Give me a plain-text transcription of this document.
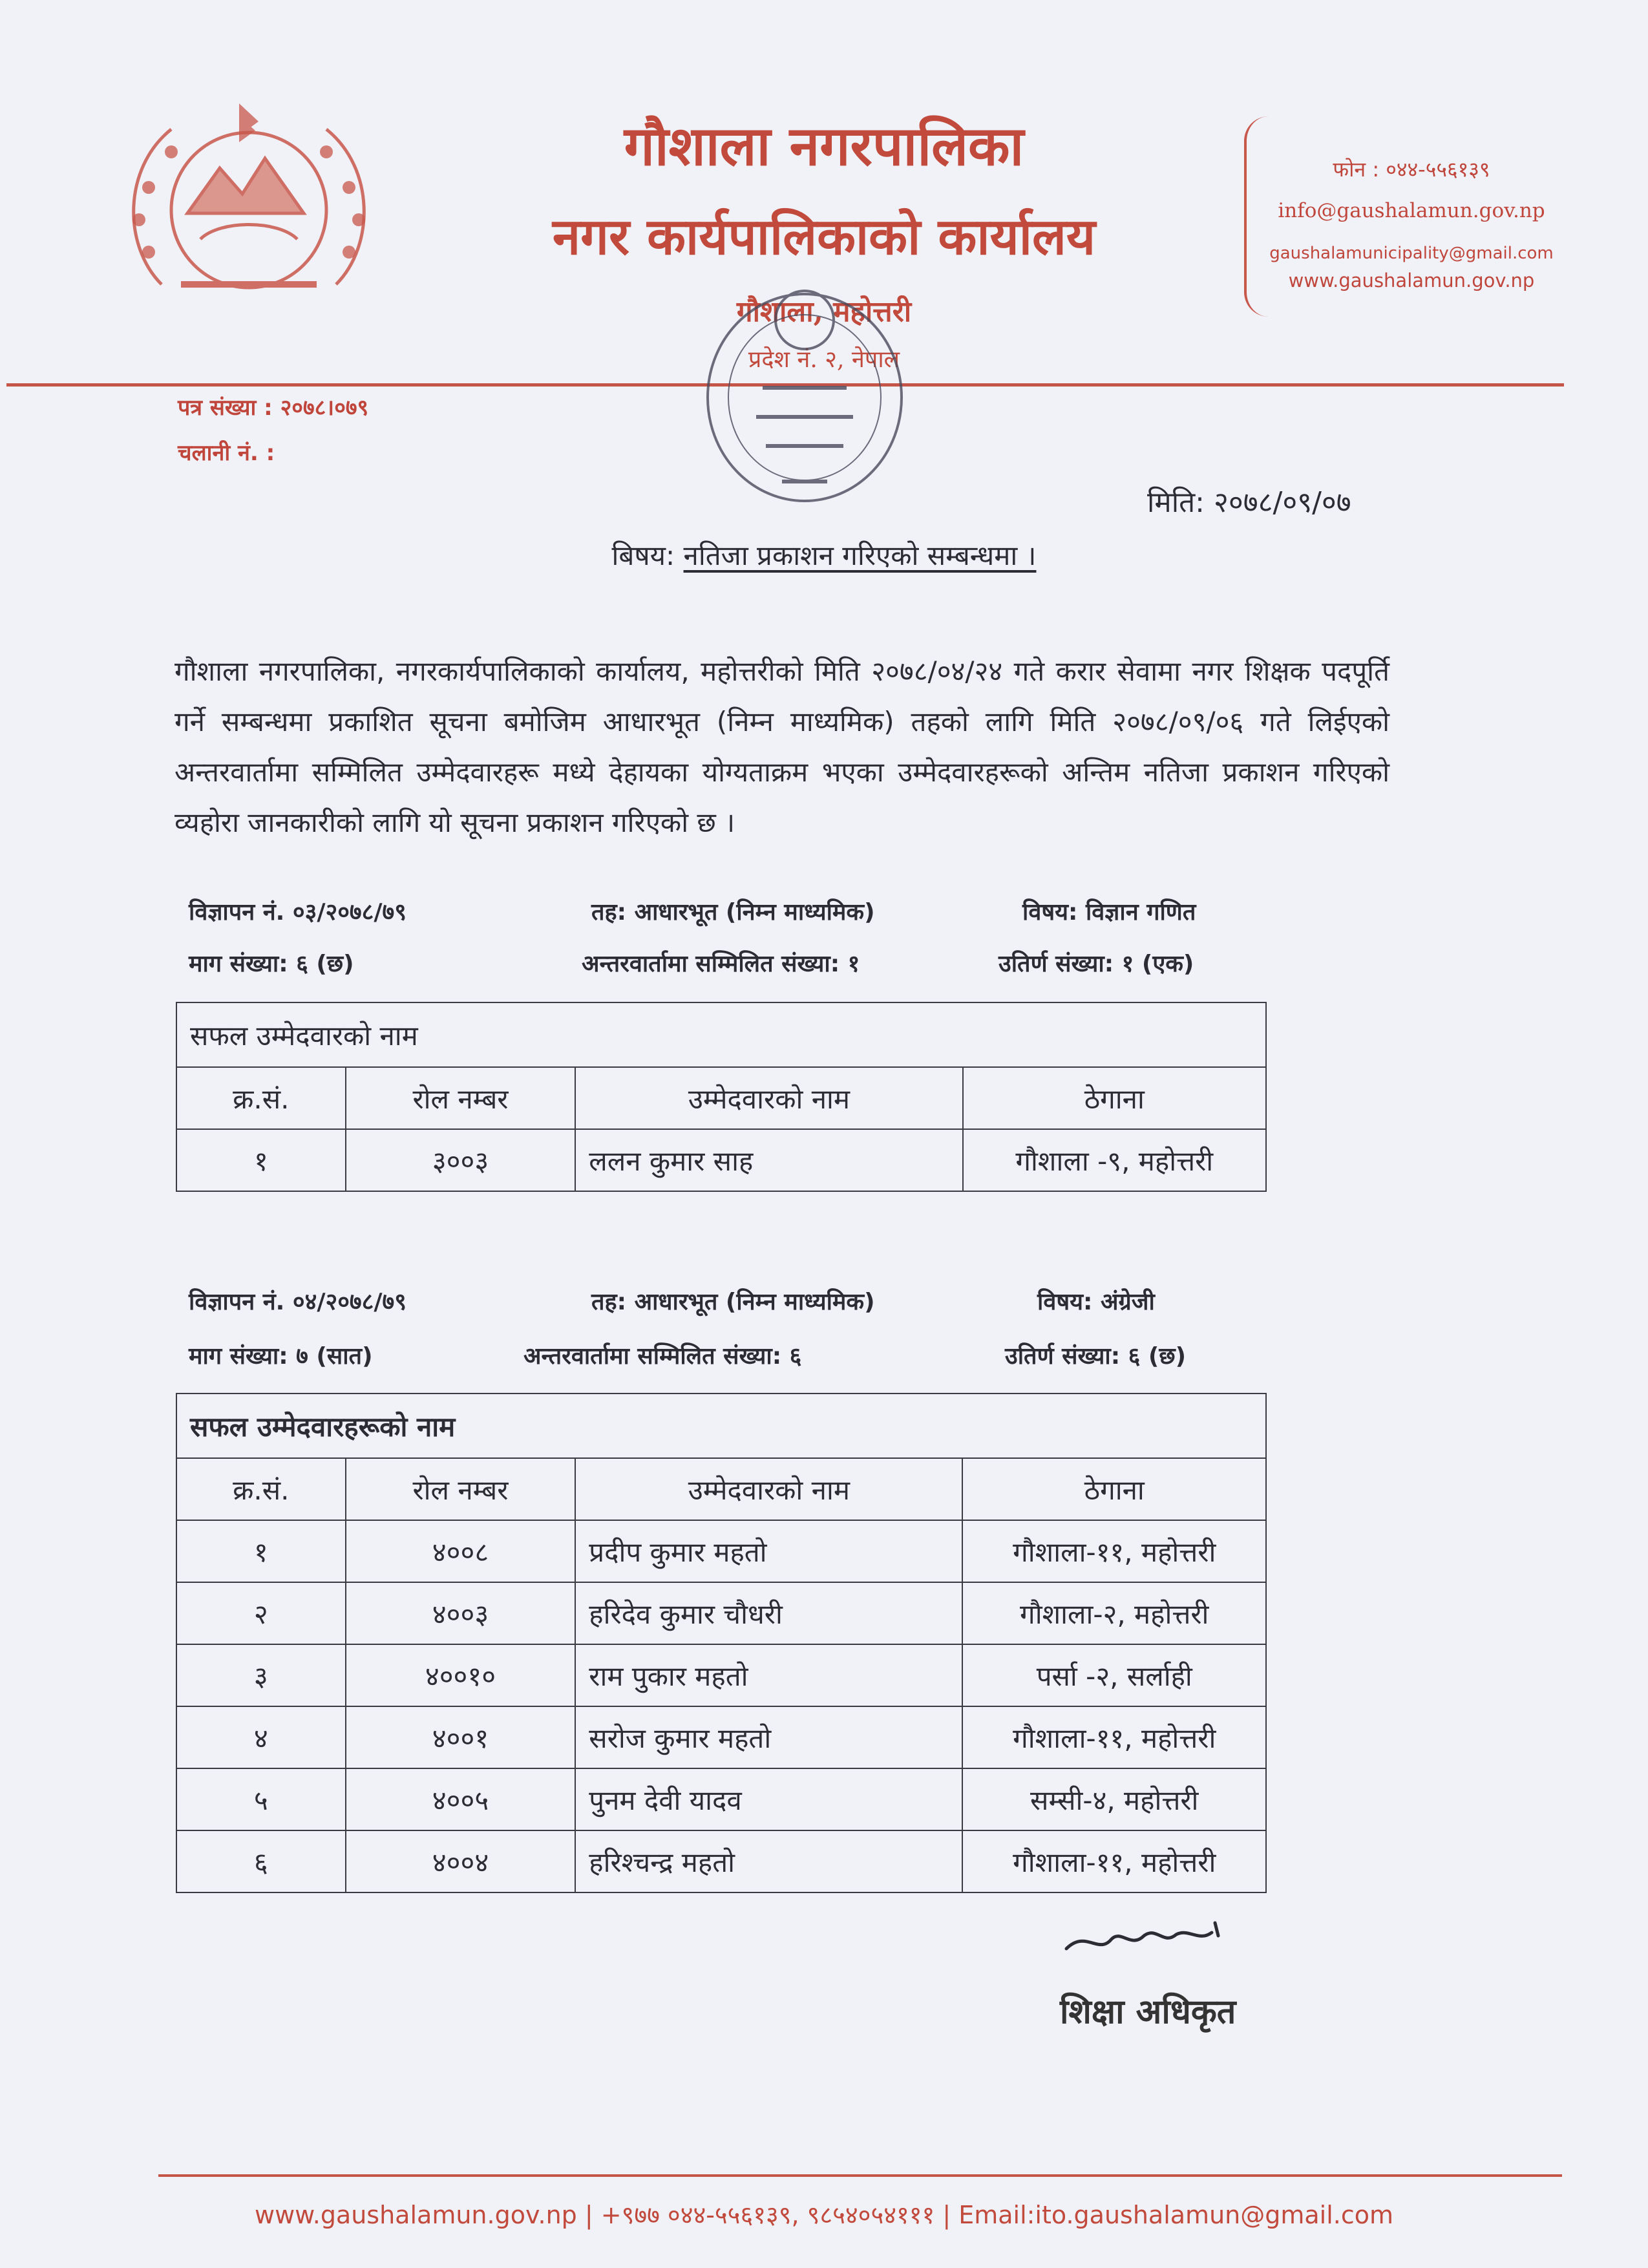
गौशाला नगरपालिका
नगर कार्यपालिकाको कार्यालय
गौशाला, महोत्तरी
प्रदेश नं. २, नेपाल
फोन : ०४४-५५६१३९
info@gaushalamun.gov.np
gaushalamunicipality@gmail.com
www.gaushalamun.gov.np
पत्र संख्या : २०७८।०७९
चलानी नं. :
मिति: २०७८/०९/०७
बिषय: नतिजा प्रकाशन गरिएको सम्बन्धमा ।
गौशाला नगरपालिका, नगरकार्यपालिकाको कार्यालय, महोत्तरीको मिति २०७८/०४/२४ गते करार सेवामा नगर शिक्षक पदपूर्ति गर्ने सम्बन्धमा प्रकाशित सूचना बमोजिम आधारभूत (निम्न माध्यमिक) तहको लागि मिति २०७८/०९/०६ गते लिईएको अन्तरवार्तामा सम्मिलित उम्मेदवारहरू मध्ये देहायका योग्यताक्रम भएका उम्मेदवारहरूको अन्तिम नतिजा प्रकाशन गरिएको व्यहोरा जानकारीको लागि यो सूचना प्रकाशन गरिएको छ ।
विज्ञापन नं. ०३/२०७८/७९	तह: आधारभूत (निम्न माध्यमिक)	विषय: विज्ञान गणित
माग संख्या: ६ (छ)	अन्तरवार्तामा सम्मिलित संख्या: १	उतिर्ण संख्या: १ (एक)
सफल उम्मेदवारको नाम			
क्र.सं.	रोल नम्बर	उम्मेदवारको नाम	ठेगाना
१	३००३	ललन कुमार साह	गौशाला -९, महोत्तरी
विज्ञापन नं. ०४/२०७८/७९	तह: आधारभूत (निम्न माध्यमिक)	विषय: अंग्रेजी
माग संख्या: ७ (सात)	अन्तरवार्तामा सम्मिलित संख्या: ६	उतिर्ण संख्या: ६ (छ)
सफल उम्मेदवारहरूको नाम			
क्र.सं.	रोल नम्बर	उम्मेदवारको नाम	ठेगाना
१	४००८	प्रदीप कुमार महतो	गौशाला-११, महोत्तरी
२	४००३	हरिदेव कुमार चौधरी	गौशाला-२, महोत्तरी
३	४००१०	राम पुकार महतो	पर्सा -२, सर्लाही
४	४००१	सरोज कुमार महतो	गौशाला-११, महोत्तरी
५	४००५	पुनम देवी यादव	सम्सी-४, महोत्तरी
६	४००४	हरिश्चन्द्र महतो	गौशाला-११, महोत्तरी
शिक्षा अधिकृत
www.gaushalamun.gov.np | +९७७ ०४४-५५६१३९, ९८५४०५४१११ | Email:ito.gaushalamun@gmail.com
